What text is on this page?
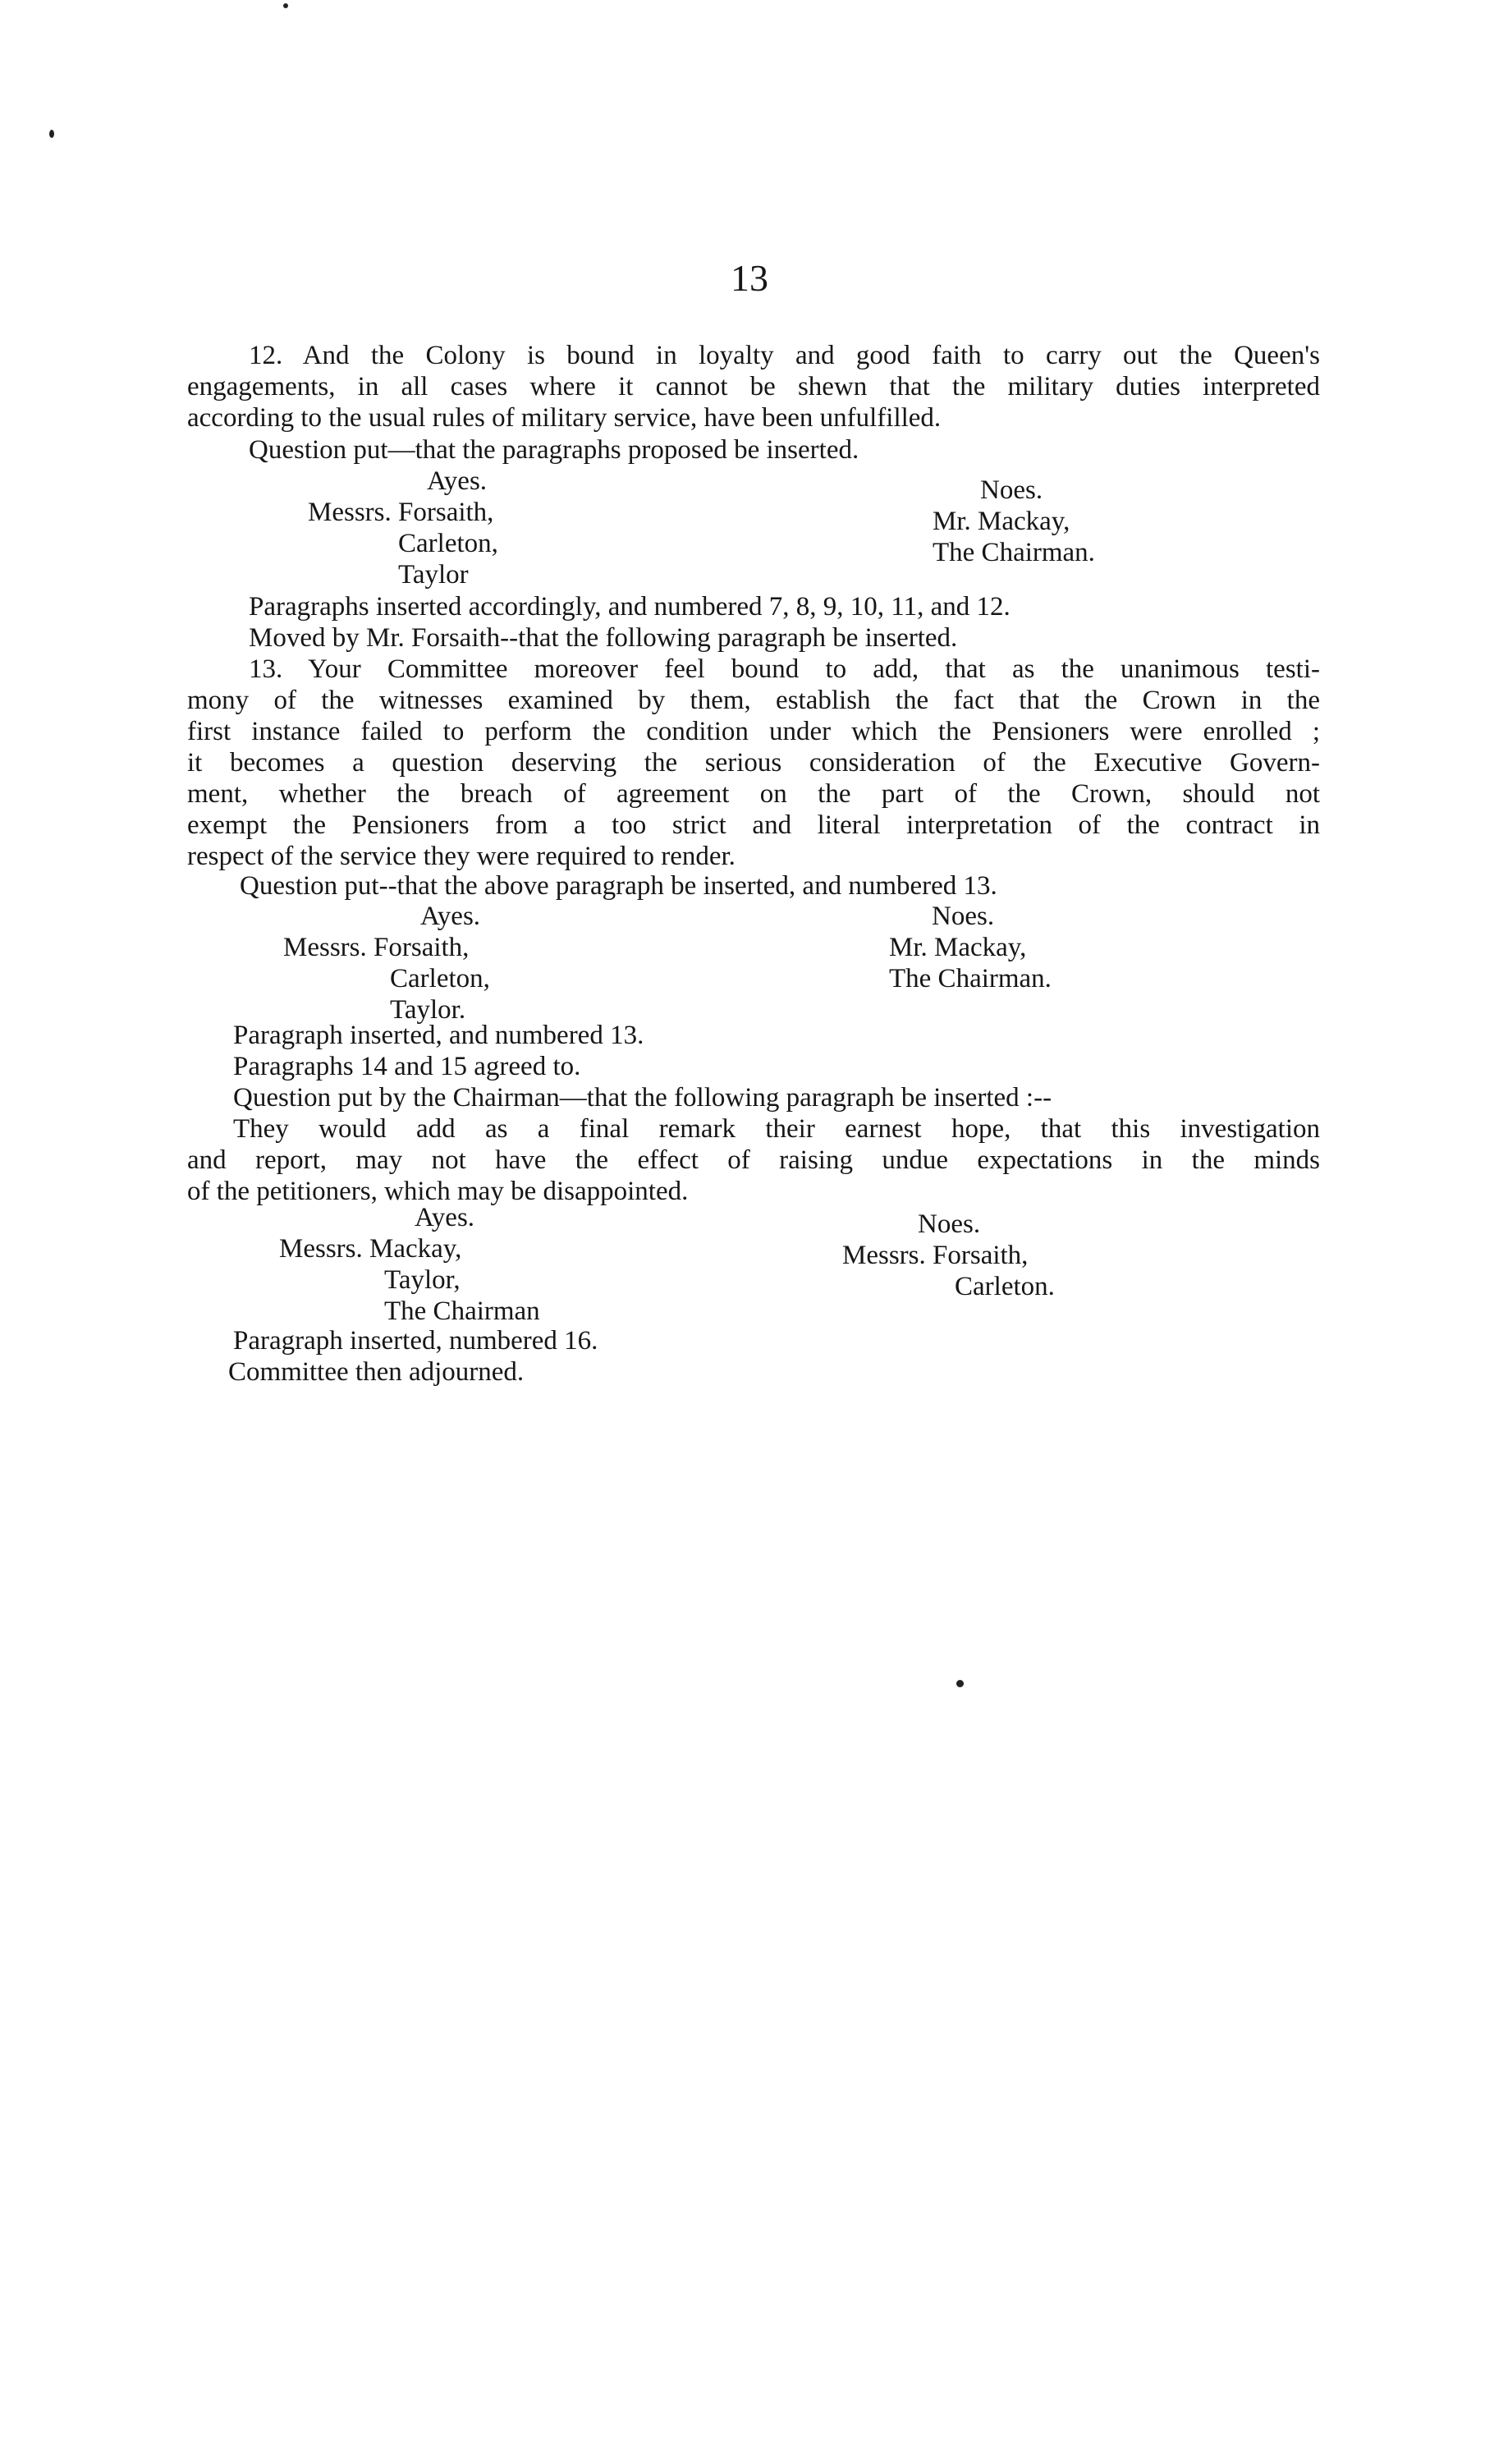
13
12. And the Colony is bound in loyalty and good faith to carry out the Queen's
engagements, in all cases where it cannot be shewn that the military duties interpreted
according to the usual rules of military service, have been unfulfilled.
Question put—that the paragraphs proposed be inserted.
Ayes.
Messrs. Forsaith,
Carleton,
Taylor
Noes.
Mr. Mackay,
The Chairman.
Paragraphs inserted accordingly, and numbered 7, 8, 9, 10, 11, and 12.
Moved by Mr. Forsaith--that the following paragraph be inserted.
13. Your Committee moreover feel bound to add, that as the unanimous testi-
mony of the witnesses examined by them, establish the fact that the Crown in the
first instance failed to perform the condition under which the Pensioners were enrolled ;
it becomes a question deserving the serious consideration of the Executive Govern-
ment, whether the breach of agreement on the part of the Crown, should not
exempt the Pensioners from a too strict and literal interpretation of the contract in
respect of the service they were required to render.
Question put--that the above paragraph be inserted, and numbered 13.
Ayes.
Messrs. Forsaith,
Carleton,
Taylor.
Noes.
Mr. Mackay,
The Chairman.
Paragraph inserted, and numbered 13.
Paragraphs 14 and 15 agreed to.
Question put by the Chairman—that the following paragraph be inserted :--
They would add as a final remark their earnest hope, that this investigation
and report, may not have the effect of raising undue expectations in the minds
of the petitioners, which may be disappointed.
Ayes.
Messrs. Mackay,
Taylor,
The Chairman
Noes.
Messrs. Forsaith,
Carleton.
Paragraph inserted, numbered 16.
Committee then adjourned.
